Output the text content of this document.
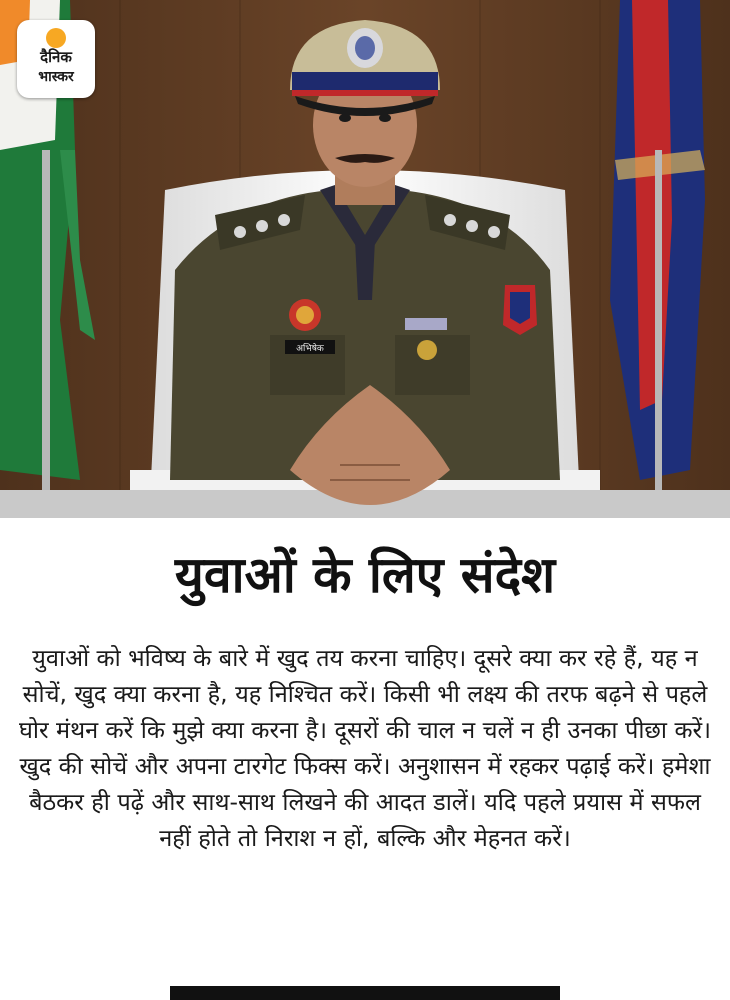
अभिषेक
दैनिक
भास्कर
युवाओं के लिए संदेश

युवाओं को भविष्य के बारे में खुद तय करना चाहिए। दूसरे क्या कर रहे हैं, यह न सोचें, खुद क्या करना है, यह निश्चित करें। किसी भी लक्ष्य की तरफ बढ़ने से पहले घोर मंथन करें कि मुझे क्या करना है। दूसरों की चाल न चलें न ही उनका पीछा करें। खुद की सोचें और अपना टारगेट फिक्स करें। अनुशासन में रहकर पढ़ाई करें। हमेशा बैठकर ही पढ़ें और साथ-साथ लिखने की आदत डालें। यदि पहले प्रयास में सफल नहीं होते तो निराश न हों, बल्कि और मेहनत करें।
